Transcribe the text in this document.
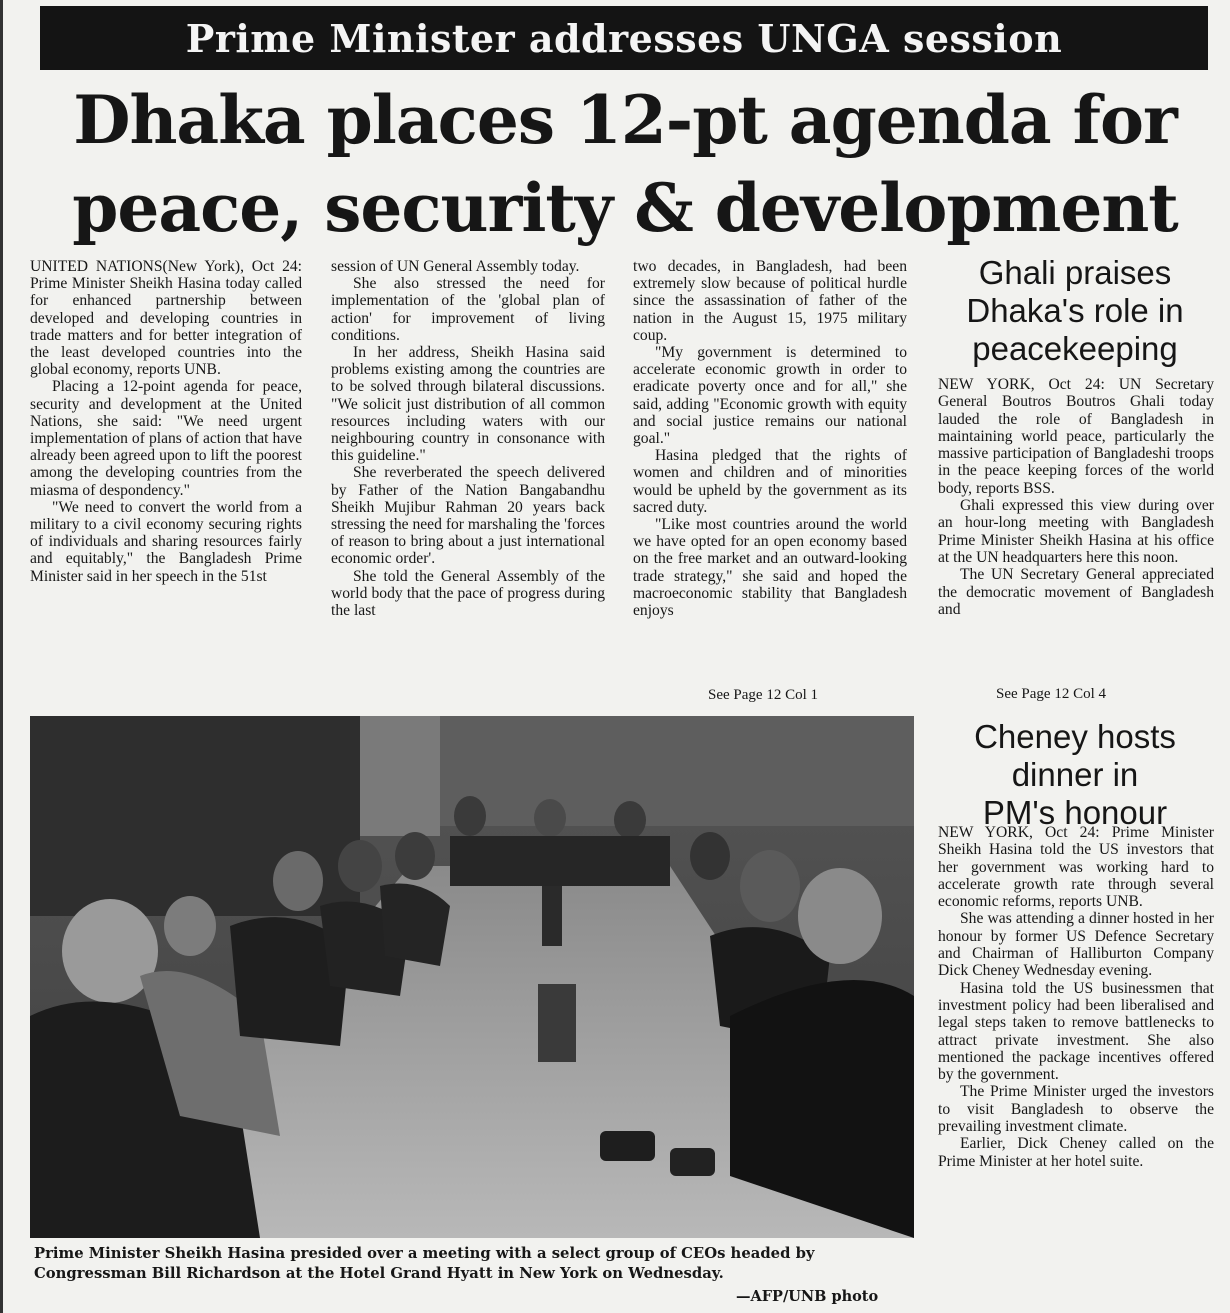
Prime Minister addresses UNGA session
Dhaka places 12-pt agenda for
peace, security & development

UNITED NATIONS(New York), Oct 24: Prime Minister Sheikh Hasina today called for enhanced partnership between developed and developing countries in trade matters and for better integration of the least developed countries into the global economy, reports UNB.

Placing a 12-point agenda for peace, security and development at the United Nations, she said: "We need urgent implementation of plans of action that have already been agreed upon to lift the poorest among the developing countries from the miasma of despondency."

"We need to convert the world from a military to a civil economy securing rights of individuals and sharing resources fairly and equitably," the Bangladesh Prime Minister said in her speech in the 51st

session of UN General Assembly today.

She also stressed the need for implementation of the 'global plan of action' for improvement of living conditions.

In her address, Sheikh Hasina said problems existing among the countries are to be solved through bilateral discussions. "We solicit just distribution of all common resources including waters with our neighbouring country in consonance with this guideline."

She reverberated the speech delivered by Father of the Nation Bangabandhu Sheikh Mujibur Rahman 20 years back stressing the need for marshaling the 'forces of reason to bring about a just international economic order'.

She told the General Assembly of the world body that the pace of progress during the last

two decades, in Bangladesh, had been extremely slow because of political hurdle since the assassination of father of the nation in the August 15, 1975 military coup.

"My government is determined to accelerate economic growth in order to eradicate poverty once and for all," she said, adding "Economic growth with equity and social justice remains our national goal."

Hasina pledged that the rights of women and children and of minorities would be upheld by the government as its sacred duty.

"Like most countries around the world we have opted for an open economy based on the free market and an outward-looking trade strategy," she said and hoped the macroeconomic stability that Bangladesh enjoys

See Page 12 Col 1
Ghali praises
Dhaka's role in
peacekeeping

NEW YORK, Oct 24: UN Secretary General Boutros Boutros Ghali today lauded the role of Bangladesh in maintaining world peace, particularly the massive participation of Bangladeshi troops in the peace keeping forces of the world body, reports BSS.

Ghali expressed this view during over an hour-long meeting with Bangladesh Prime Minister Sheikh Hasina at his office at the UN headquarters here this noon.

The UN Secretary General appreciated the democratic movement of Bangladesh and

See Page 12 Col 4
Cheney hosts
dinner in
PM's honour

NEW YORK, Oct 24: Prime Minister Sheikh Hasina told the US investors that her government was working hard to accelerate growth rate through several economic reforms, reports UNB.

She was attending a dinner hosted in her honour by former US Defence Secretary and Chairman of Halliburton Company Dick Cheney Wednesday evening.

Hasina told the US businessmen that investment policy had been liberalised and legal steps taken to remove battlenecks to attract private investment. She also mentioned the package incentives offered by the government.

The Prime Minister urged the investors to visit Bangladesh to observe the prevailing investment climate.

Earlier, Dick Cheney called on the Prime Minister at her hotel suite.

Prime Minister Sheikh Hasina presided over a meeting with a select group of CEOs headed by Congressman Bill Richardson at the Hotel Grand Hyatt in New York on Wednesday.
—AFP/UNB photo
